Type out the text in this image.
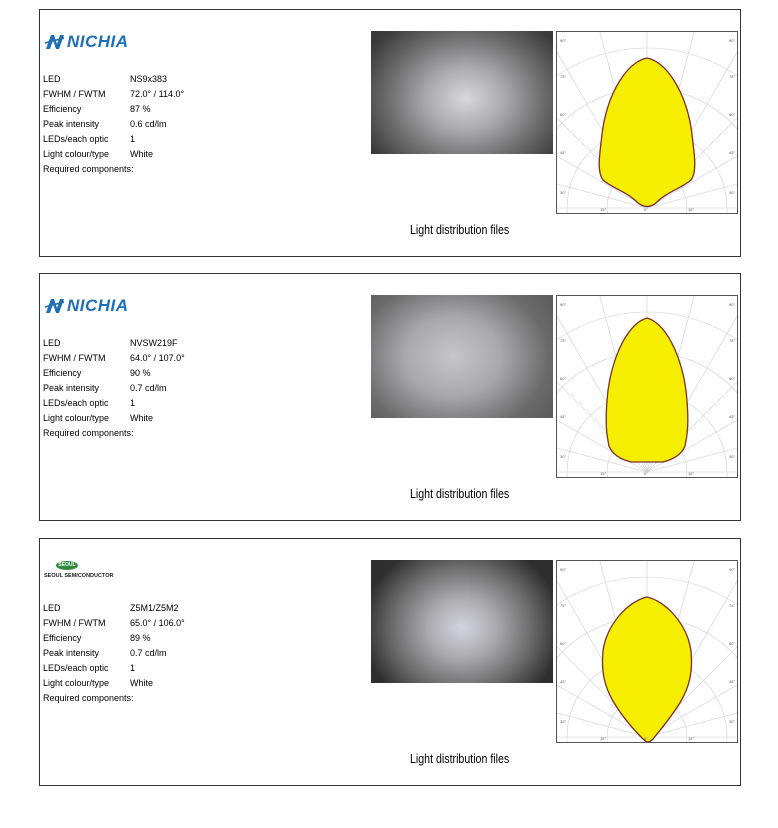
NICHIA
LED	NS9x383
FWHM / FWTM	72.0° / 114.0°
Efficiency	87 %
Peak intensity	0.6 cd/lm
LEDs/each optic 1
Light colour/type White
Required components:
90°	90°
75°	75°
60°	60°
45°	45°
30°	30°
15°	0°	15°
Light distribution files
NICHIA
LED	NVSW219F
FWHM / FWTM	64.0° / 107.0°
Efficiency	90 %
Peak intensity	0.7 cd/lm
LEDs/each optic 1
Light colour/type White
Required components:
90°	90°
75°	75°
60°	60°
45°	45°
30°	30°
15°	0°	15°
Light distribution files
SEOUL
SEOUL SEMICONDUCTOR
LED	Z5M1/Z5M2
FWHM / FWTM	65.0° / 106.0°
Efficiency	89 %
Peak intensity	0.7 cd/lm
LEDs/each optic 1
Light colour/type White
Required components:
90°	90°
75°	75°
60°	60°
45°	45°
30°	30°
15°	0°	15°
Light distribution files
